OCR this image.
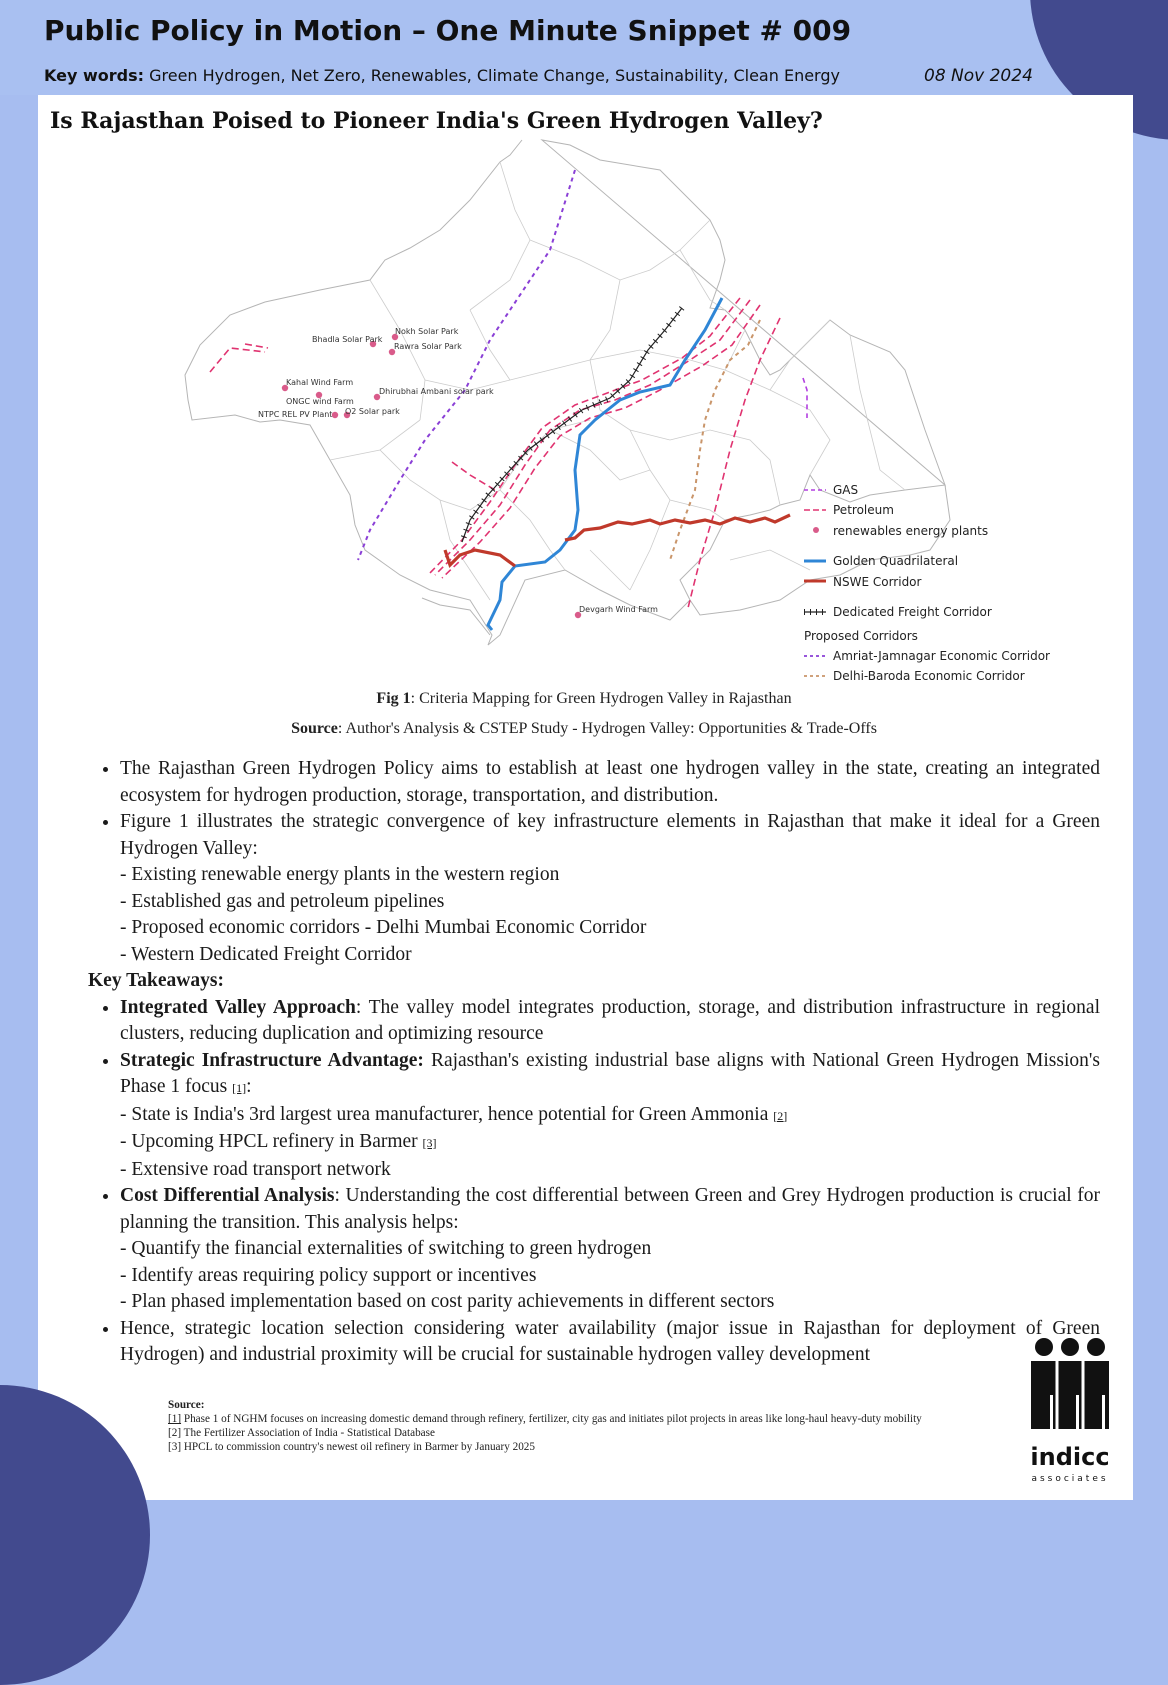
Public Policy in Motion – One Minute Snippet # 009
Key words: Green Hydrogen, Net Zero, Renewables, Climate Change, Sustainability, Clean Energy	08 Nov 2024
Is Rajasthan Poised to Pioneer India's Green Hydrogen Valley?
Bhadla Solar Park
Nokh Solar Park
Rawra Solar Park
Kahal Wind Farm
Dhirubhai Ambani solar park
ONGC wind Farm
NTPC REL PV Plant O2 Solar park
Devgarh Wind Farm
GAS
Petroleum
renewables energy plants
Golden Quadrilateral
NSWE Corridor
Dedicated Freight Corridor
Proposed Corridors
Amriat-Jamnagar Economic Corridor
Delhi-Baroda Economic Corridor
Fig 1: Criteria Mapping for Green Hydrogen Valley in Rajasthan
Source: Author's Analysis & CSTEP Study - Hydrogen Valley: Opportunities & Trade-Offs
• The Rajasthan Green Hydrogen Policy aims to establish at least one hydrogen valley in the state, creating an integrated ecosystem for hydrogen production, storage, transportation, and distribution.
• Figure 1 illustrates the strategic convergence of key infrastructure elements in Rajasthan that make it ideal for a Green Hydrogen Valley:
- Existing renewable energy plants in the western region
- Established gas and petroleum pipelines
- Proposed economic corridors - Delhi Mumbai Economic Corridor
- Western Dedicated Freight Corridor
Key Takeaways:
• Integrated Valley Approach: The valley model integrates production, storage, and distribution infrastructure in regional clusters, reducing duplication and optimizing resource
• Strategic Infrastructure Advantage: Rajasthan's existing industrial base aligns with National Green Hydrogen Mission's Phase 1 focus [1]:
- State is India's 3rd largest urea manufacturer, hence potential for Green Ammonia [2]
- Upcoming HPCL refinery in Barmer [3]
- Extensive road transport network
• Cost Differential Analysis: Understanding the cost differential between Green and Grey Hydrogen production is crucial for planning the transition. This analysis helps:
- Quantify the financial externalities of switching to green hydrogen
- Identify areas requiring policy support or incentives
- Plan phased implementation based on cost parity achievements in different sectors
• Hence, strategic location selection considering water availability (major issue in Rajasthan for deployment of Green Hydrogen) and industrial proximity will be crucial for sustainable hydrogen valley development
Source:
[1] Phase 1 of NGHM focuses on increasing domestic demand through refinery, fertilizer, city gas and initiates pilot projects in areas like long-haul heavy-duty mobility
[2] The Fertilizer Association of India - Statistical Database
[3] HPCL to commission country's newest oil refinery in Barmer by January 2025	indicc
associates
